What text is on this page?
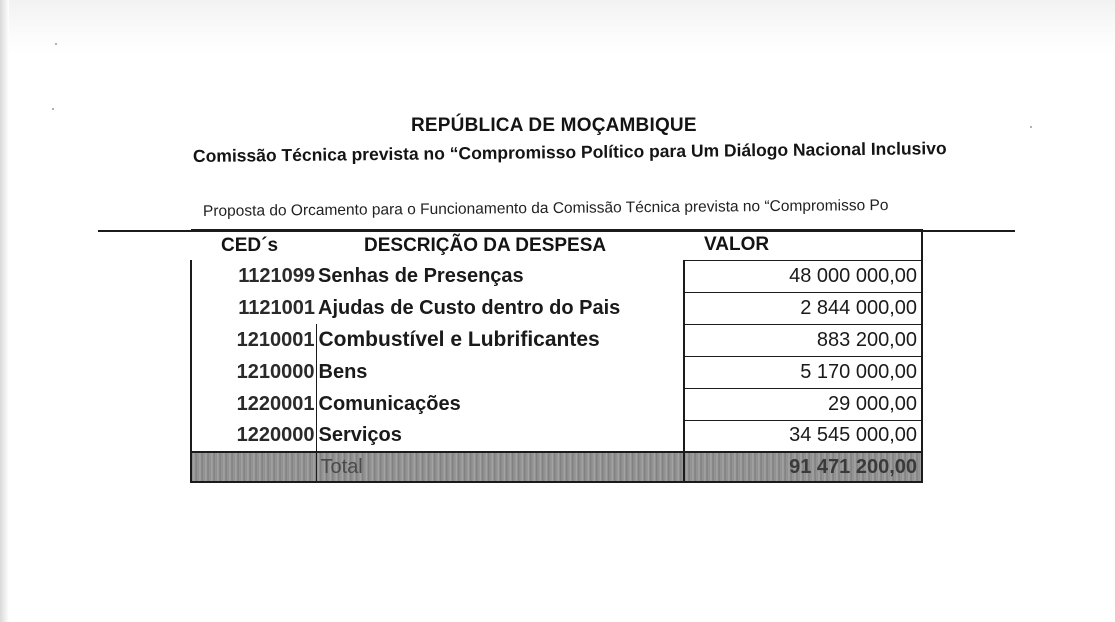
REPÚBLICA DE MOÇAMBIQUE
Comissão Técnica prevista no “Compromisso Político para Um Diálogo Nacional Inclusivo
Proposta do Orcamento para o Funcionamento da Comissão Técnica prevista no “Compromisso Po
CED´s	DESCRIÇÃO DA DESPESA	VALOR
1121099	Senhas de Presenças	48 000 000,00
1121001	Ajudas de Custo dentro do Pais	2 844 000,00
1210001	Combustível e Lubrificantes	883 200,00
1210000	Bens	5 170 000,00
1220001	Comunicações	29 000,00
1220000	Serviços	34 545 000,00
	Total	91 471 200,00
